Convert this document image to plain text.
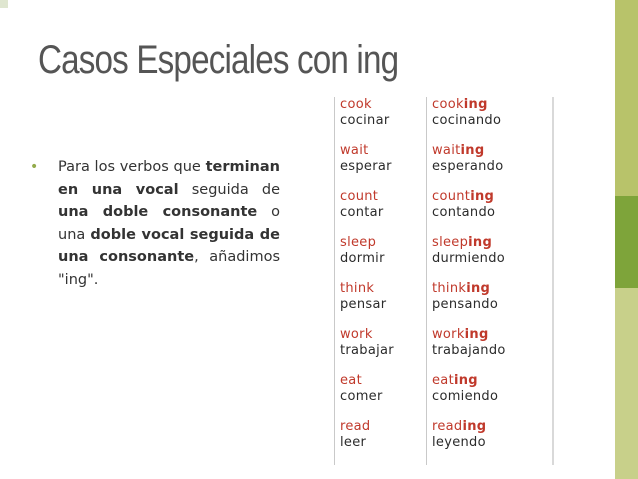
Casos Especiales con ing
• Para los verbos que terminan en una vocal seguida de una doble consonante o una doble vocal seguida de una consonante, añadimos "ing".
cook
cocinar
cooking
cocinando
wait
esperar
waiting
esperando
count
contar
counting
contando
sleep
dormir
sleeping
durmiendo
think
pensar
thinking
pensando
work
trabajar
working
trabajando
eat
comer
eating
comiendo
read
leer
reading
leyendo
